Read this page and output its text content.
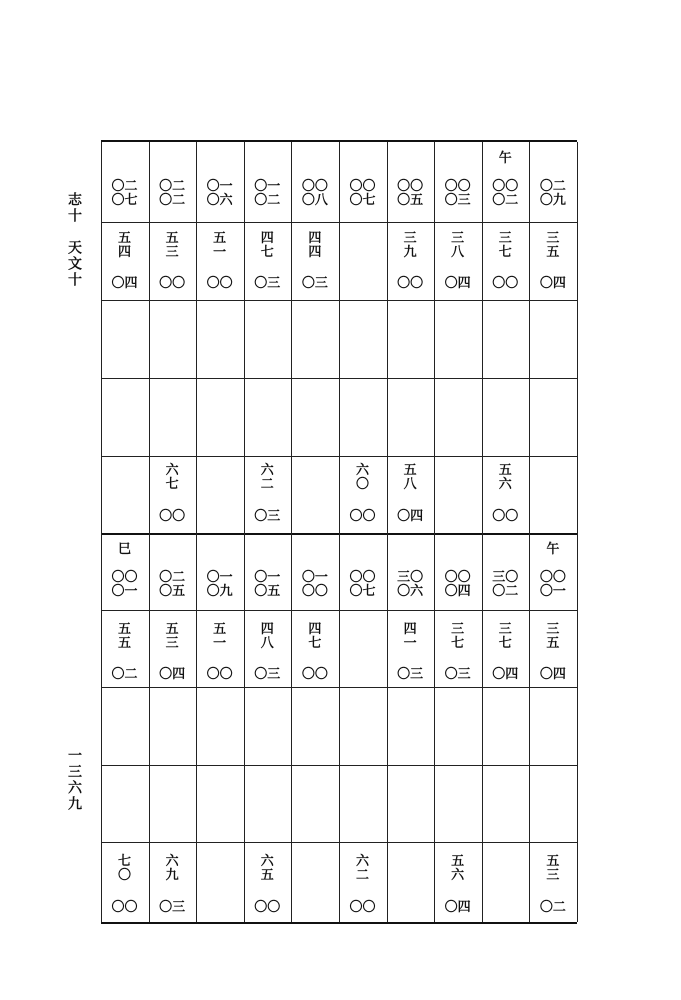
志十　天文十
一三六九
〇二
〇七
五
四
〇四
〇二
〇二
五
三
〇〇
六
七
〇〇
〇一
〇六
五
一
〇〇
〇一
〇二
四
七
〇三
六
二
〇三
〇〇
〇八
四
四
〇三
〇〇
〇七
六
〇
〇〇
〇〇
〇五
三
九
〇〇
五
八
〇四
〇〇
〇三
三
八
〇四
午
〇〇
〇二
三
七
〇〇
五
六
〇〇
〇二
〇九
三
五
〇四
巳
〇〇
〇一
五
五
〇二
七
〇
〇〇
〇二
〇五
五
三
〇四
六
九
〇三
〇一
〇九
五
一
〇〇
〇一
〇五
四
八
〇三
六
五
〇〇
〇一
〇〇
四
七
〇〇
〇〇
〇七
六
二
〇〇
三〇
〇六
四
一
〇三
〇〇
〇四
三
七
〇三
五
六
〇四
三〇
〇二
三
七
〇四
午
〇〇
〇一
三
五
〇四
五
三
〇二
